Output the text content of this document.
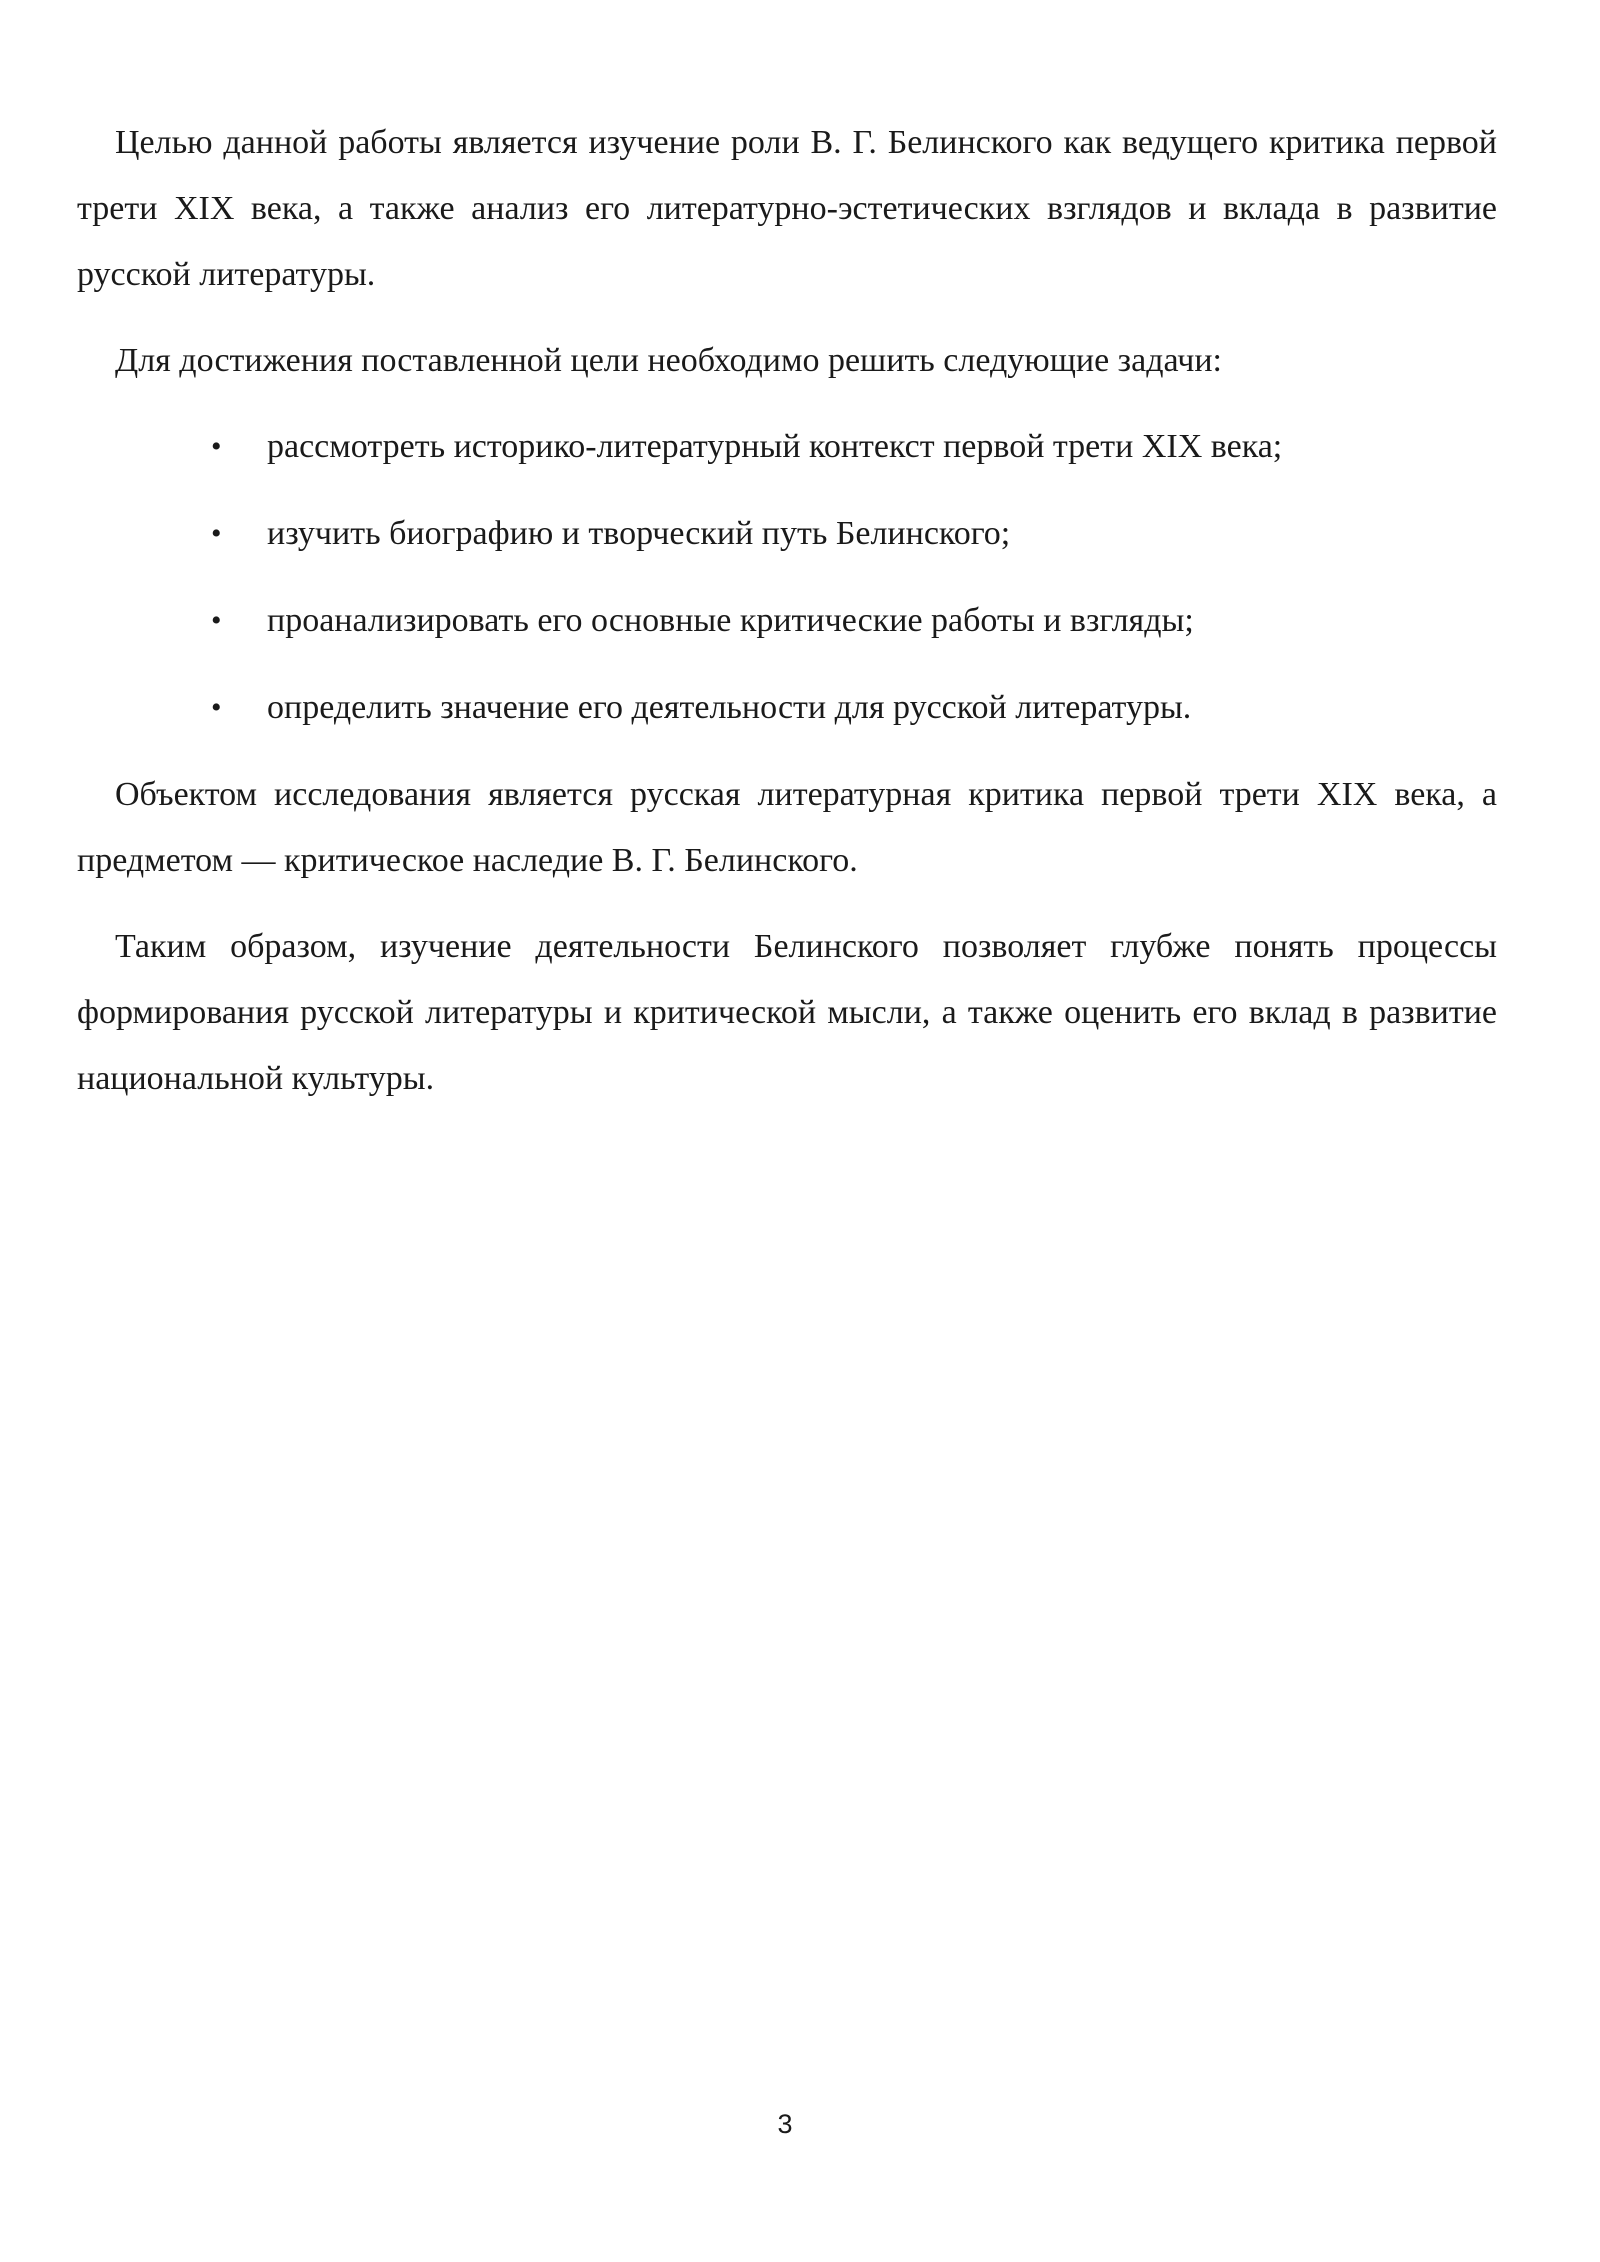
Целью данной работы является изучение роли В. Г. Белинского как ведущего критика первой трети XIX века, а также анализ его литературно-эстетических взглядов и вклада в развитие русской литературы.

Для достижения поставленной цели необходимо решить следующие задачи:

• рассмотреть историко-литературный контекст первой трети XIX века;
• изучить биографию и творческий путь Белинского;
• проанализировать его основные критические работы и взгляды;
• определить значение его деятельности для русской литературы.

Объектом исследования является русская литературная критика первой трети XIX века, а предметом — критическое наследие В. Г. Белинского.

Таким образом, изучение деятельности Белинского позволяет глубже понять процессы формирования русской литературы и критической мысли, а также оценить его вклад в развитие национальной культуры.

3
